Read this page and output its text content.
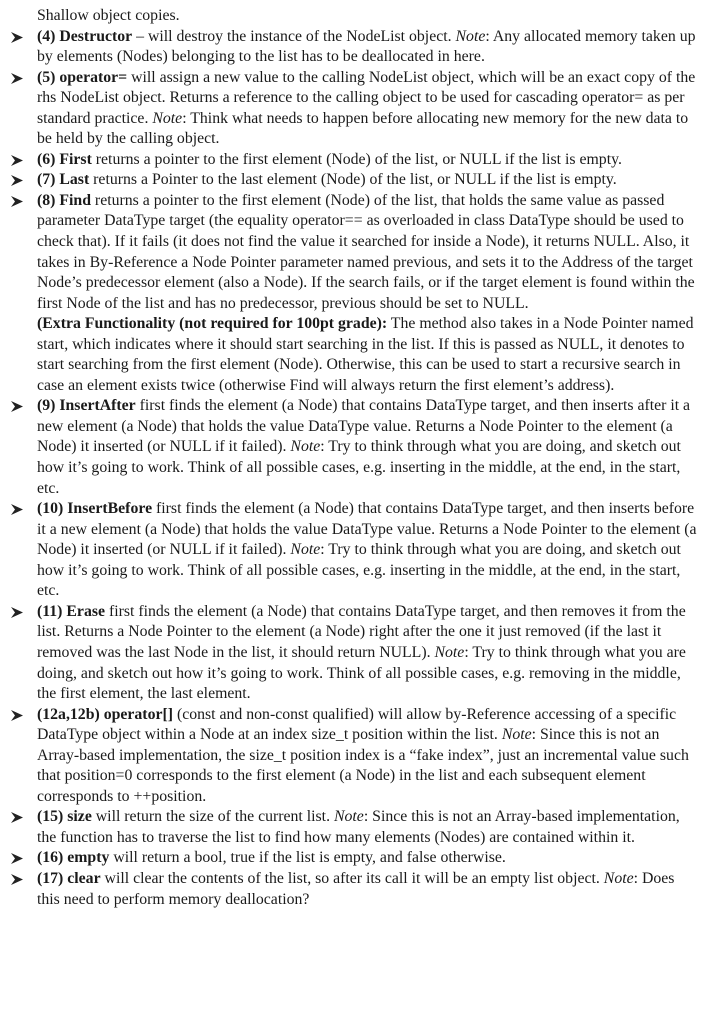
Shallow object copies.
(4) Destructor – will destroy the instance of the NodeList object. Note: Any allocated memory taken up by elements (Nodes) belonging to the list has to be deallocated in here.
(5) operator= will assign a new value to the calling NodeList object, which will be an exact copy of the rhs NodeList object. Returns a reference to the calling object to be used for cascading operator= as per standard practice. Note: Think what needs to happen before allocating new memory for the new data to be held by the calling object.
(6) First returns a pointer to the first element (Node) of the list, or NULL if the list is empty.
(7) Last returns a Pointer to the last element (Node) of the list, or NULL if the list is empty.
(8) Find returns a pointer to the first element (Node) of the list, that holds the same value as passed parameter DataType target (the equality operator== as overloaded in class DataType should be used to check that). If it fails (it does not find the value it searched for inside a Node), it returns NULL. Also, it takes in By-Reference a Node Pointer parameter named previous, and sets it to the Address of the target Node’s predecessor element (also a Node). If the search fails, or if the target element is found within the first Node of the list and has no predecessor, previous should be set to NULL.

(Extra Functionality (not required for 100pt grade): The method also takes in a Node Pointer named start, which indicates where it should start searching in the list. If this is passed as NULL, it denotes to start searching from the first element (Node). Otherwise, this can be used to start a recursive search in case an element exists twice (otherwise Find will always return the first element’s address).

(9) InsertAfter first finds the element (a Node) that contains DataType target, and then inserts after it a new element (a Node) that holds the value DataType value. Returns a Node Pointer to the element (a Node) it inserted (or NULL if it failed). Note: Try to think through what you are doing, and sketch out how it’s going to work. Think of all possible cases, e.g. inserting in the middle, at the end, in the start, etc.
(10) InsertBefore first finds the element (a Node) that contains DataType target, and then inserts before it a new element (a Node) that holds the value DataType value. Returns a Node Pointer to the element (a Node) it inserted (or NULL if it failed). Note: Try to think through what you are doing, and sketch out how it’s going to work. Think of all possible cases, e.g. inserting in the middle, at the end, in the start, etc.
(11) Erase first finds the element (a Node) that contains DataType target, and then removes it from the list. Returns a Node Pointer to the element (a Node) right after the one it just removed (if the last it removed was the last Node in the list, it should return NULL). Note: Try to think through what you are doing, and sketch out how it’s going to work. Think of all possible cases, e.g. removing in the middle, the first element, the last element.
(12a,12b) operator[] (const and non-const qualified) will allow by-Reference accessing of a specific DataType object within a Node at an index size_t position within the list. Note: Since this is not an Array-based implementation, the size_t position index is a “fake index”, just an incremental value such that position=0 corresponds to the first element (a Node) in the list and each subsequent element corresponds to ++position.
(15) size will return the size of the current list. Note: Since this is not an Array-based implementation, the function has to traverse the list to find how many elements (Nodes) are contained within it.
(16) empty will return a bool, true if the list is empty, and false otherwise.
(17) clear will clear the contents of the list, so after its call it will be an empty list object. Note: Does this need to perform memory deallocation?
